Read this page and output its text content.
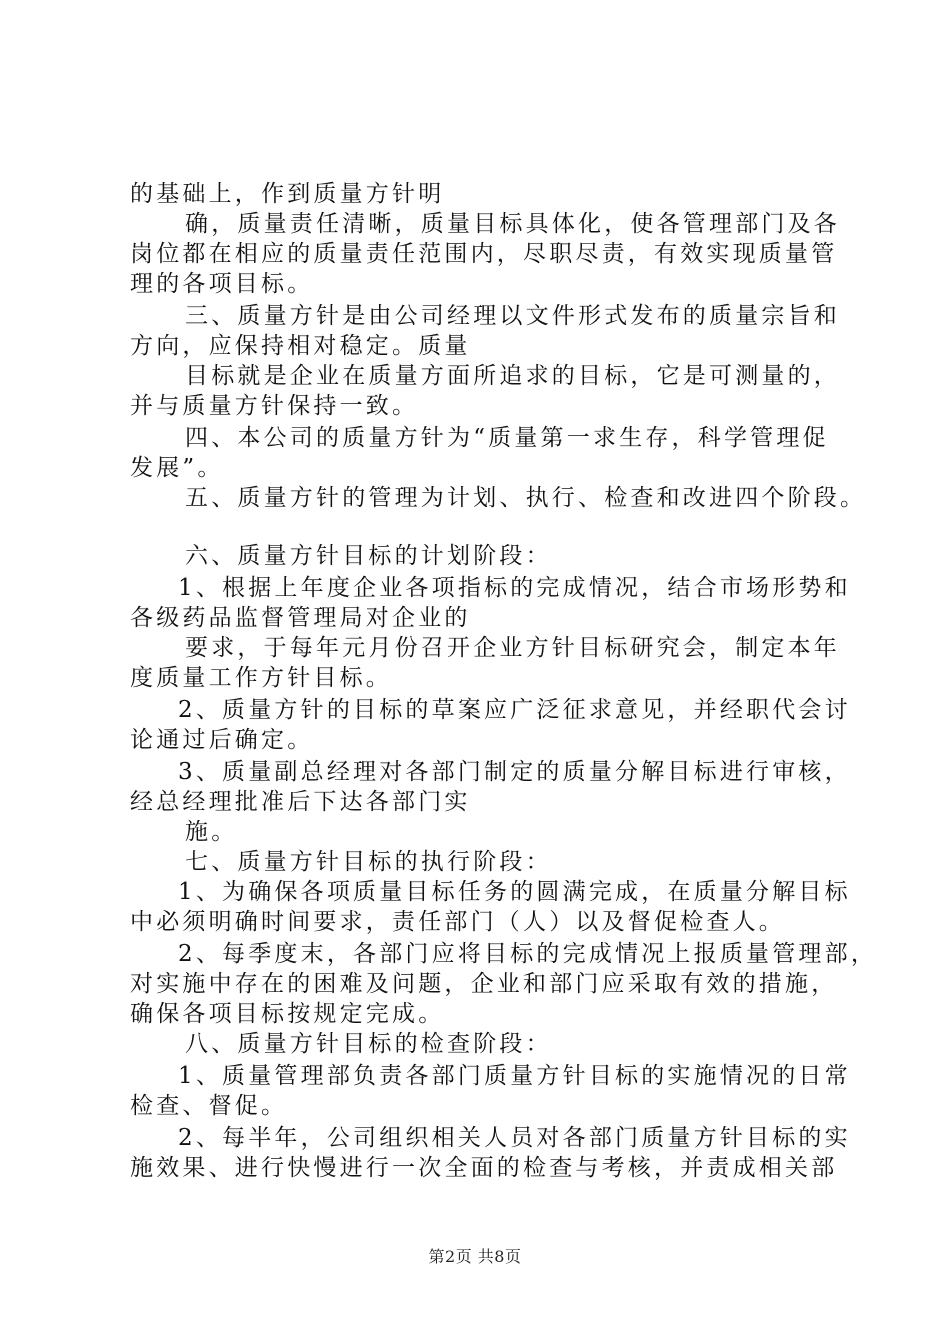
的基础上，作到质量方针明
确，质量责任清晰，质量目标具体化，使各管理部门及各
岗位都在相应的质量责任范围内，尽职尽责，有效实现质量管
理的各项目标。
三、质量方针是由公司经理以文件形式发布的质量宗旨和
方向，应保持相对稳定。质量
目标就是企业在质量方面所追求的目标，它是可测量的，
并与质量方针保持一致。
四、本公司的质量方针为“质量第一求生存，科学管理促
发展”。
五、质量方针的管理为计划、执行、检查和改进四个阶段。
六、质量方针目标的计划阶段：
1、根据上年度企业各项指标的完成情况，结合市场形势和
各级药品监督管理局对企业的
要求，于每年元月份召开企业方针目标研究会，制定本年
度质量工作方针目标。
2、质量方针的目标的草案应广泛征求意见，并经职代会讨
论通过后确定。
3、质量副总经理对各部门制定的质量分解目标进行审核，
经总经理批准后下达各部门实
施。
七、质量方针目标的执行阶段：
1、为确保各项质量目标任务的圆满完成，在质量分解目标
中必须明确时间要求，责任部门（人）以及督促检查人。
2、每季度末，各部门应将目标的完成情况上报质量管理部，
对实施中存在的困难及问题，企业和部门应采取有效的措施，
确保各项目标按规定完成。
八、质量方针目标的检查阶段：
1、质量管理部负责各部门质量方针目标的实施情况的日常
检查、督促。
2、每半年，公司组织相关人员对各部门质量方针目标的实
施效果、进行快慢进行一次全面的检查与考核，并责成相关部
第2页 共8页
